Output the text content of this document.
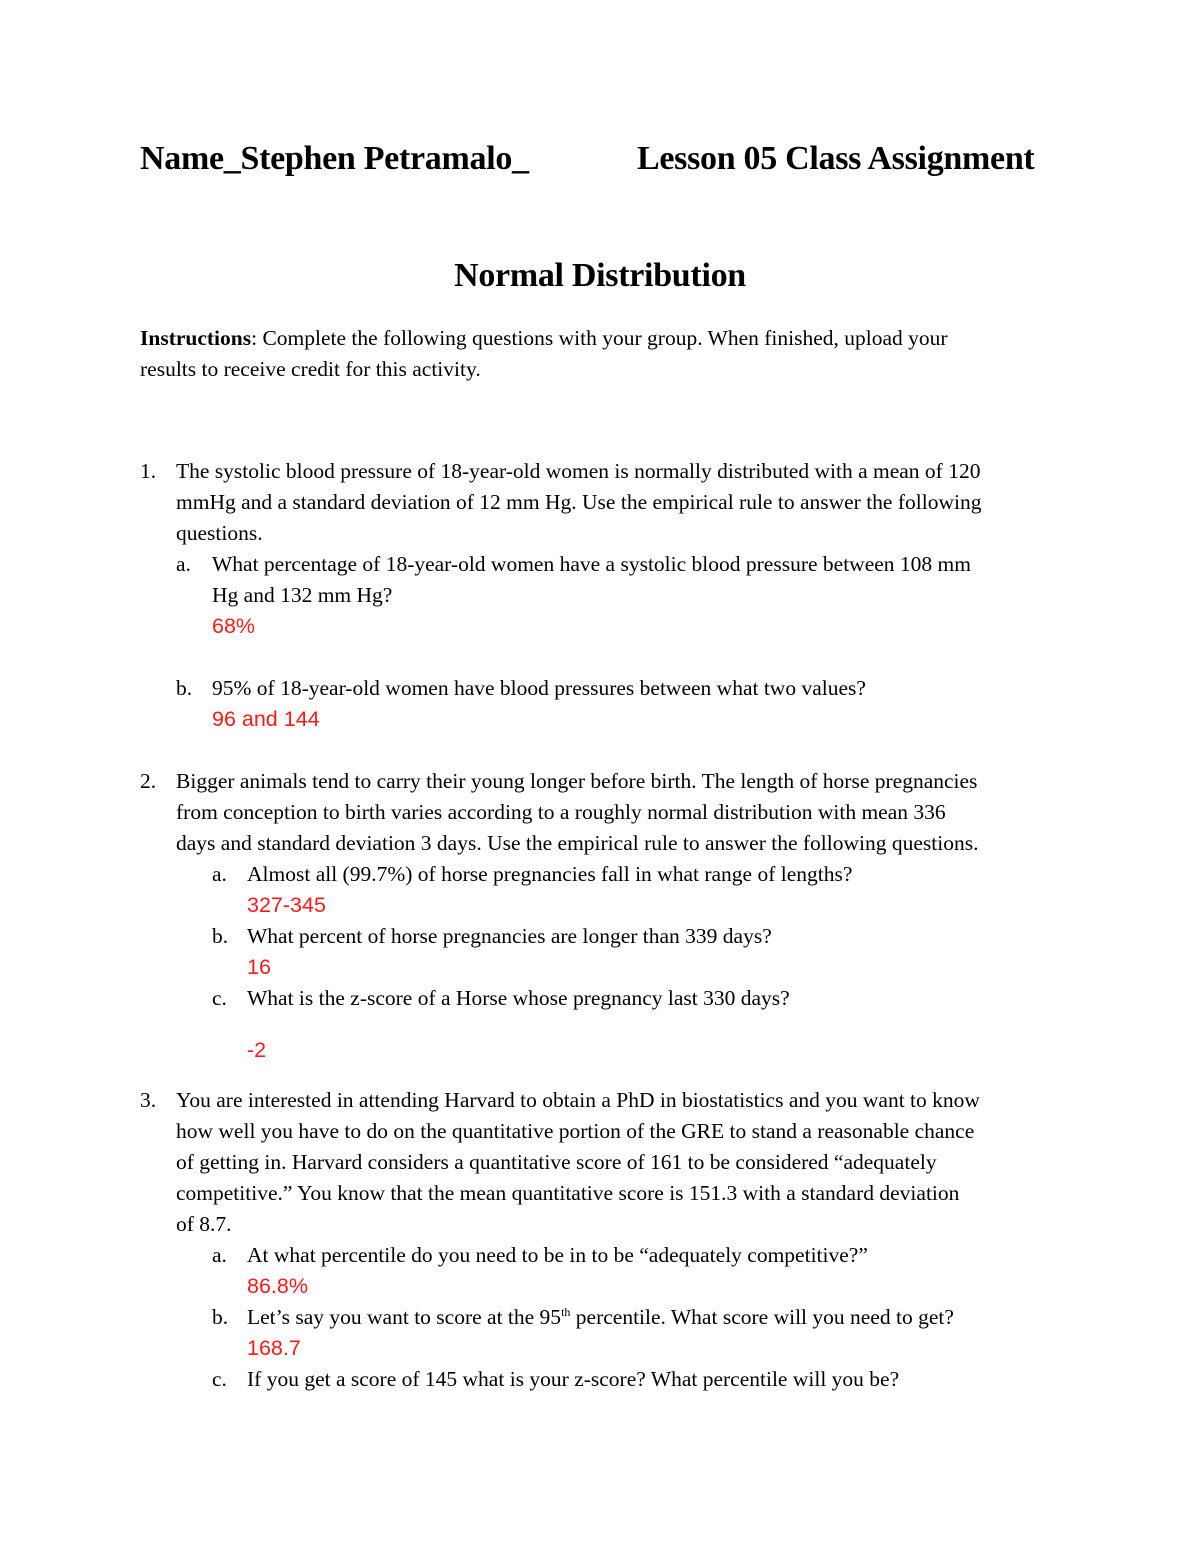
Name_Stephen Petramalo_	Lesson 05 Class Assignment
Normal Distribution
Instructions: Complete the following questions with your group. When finished, upload your
results to receive credit for this activity.
1. The systolic blood pressure of 18-year-old women is normally distributed with a mean of 120
mmHg and a standard deviation of 12 mm Hg. Use the empirical rule to answer the following
questions.
a. What percentage of 18-year-old women have a systolic blood pressure between 108 mm
Hg and 132 mm Hg?
68%
b. 95% of 18-year-old women have blood pressures between what two values?
96 and 144
2. Bigger animals tend to carry their young longer before birth. The length of horse pregnancies
from conception to birth varies according to a roughly normal distribution with mean 336
days and standard deviation 3 days. Use the empirical rule to answer the following questions.
a. Almost all (99.7%) of horse pregnancies fall in what range of lengths?
327-345
b. What percent of horse pregnancies are longer than 339 days?
16
c. What is the z-score of a Horse whose pregnancy last 330 days?
-2
3. You are interested in attending Harvard to obtain a PhD in biostatistics and you want to know
how well you have to do on the quantitative portion of the GRE to stand a reasonable chance
of getting in. Harvard considers a quantitative score of 161 to be considered “adequately
competitive.” You know that the mean quantitative score is 151.3 with a standard deviation
of 8.7.
a. At what percentile do you need to be in to be “adequately competitive?”
86.8%
b. Let’s say you want to score at the 95th percentile. What score will you need to get?
168.7
c. If you get a score of 145 what is your z-score? What percentile will you be?
